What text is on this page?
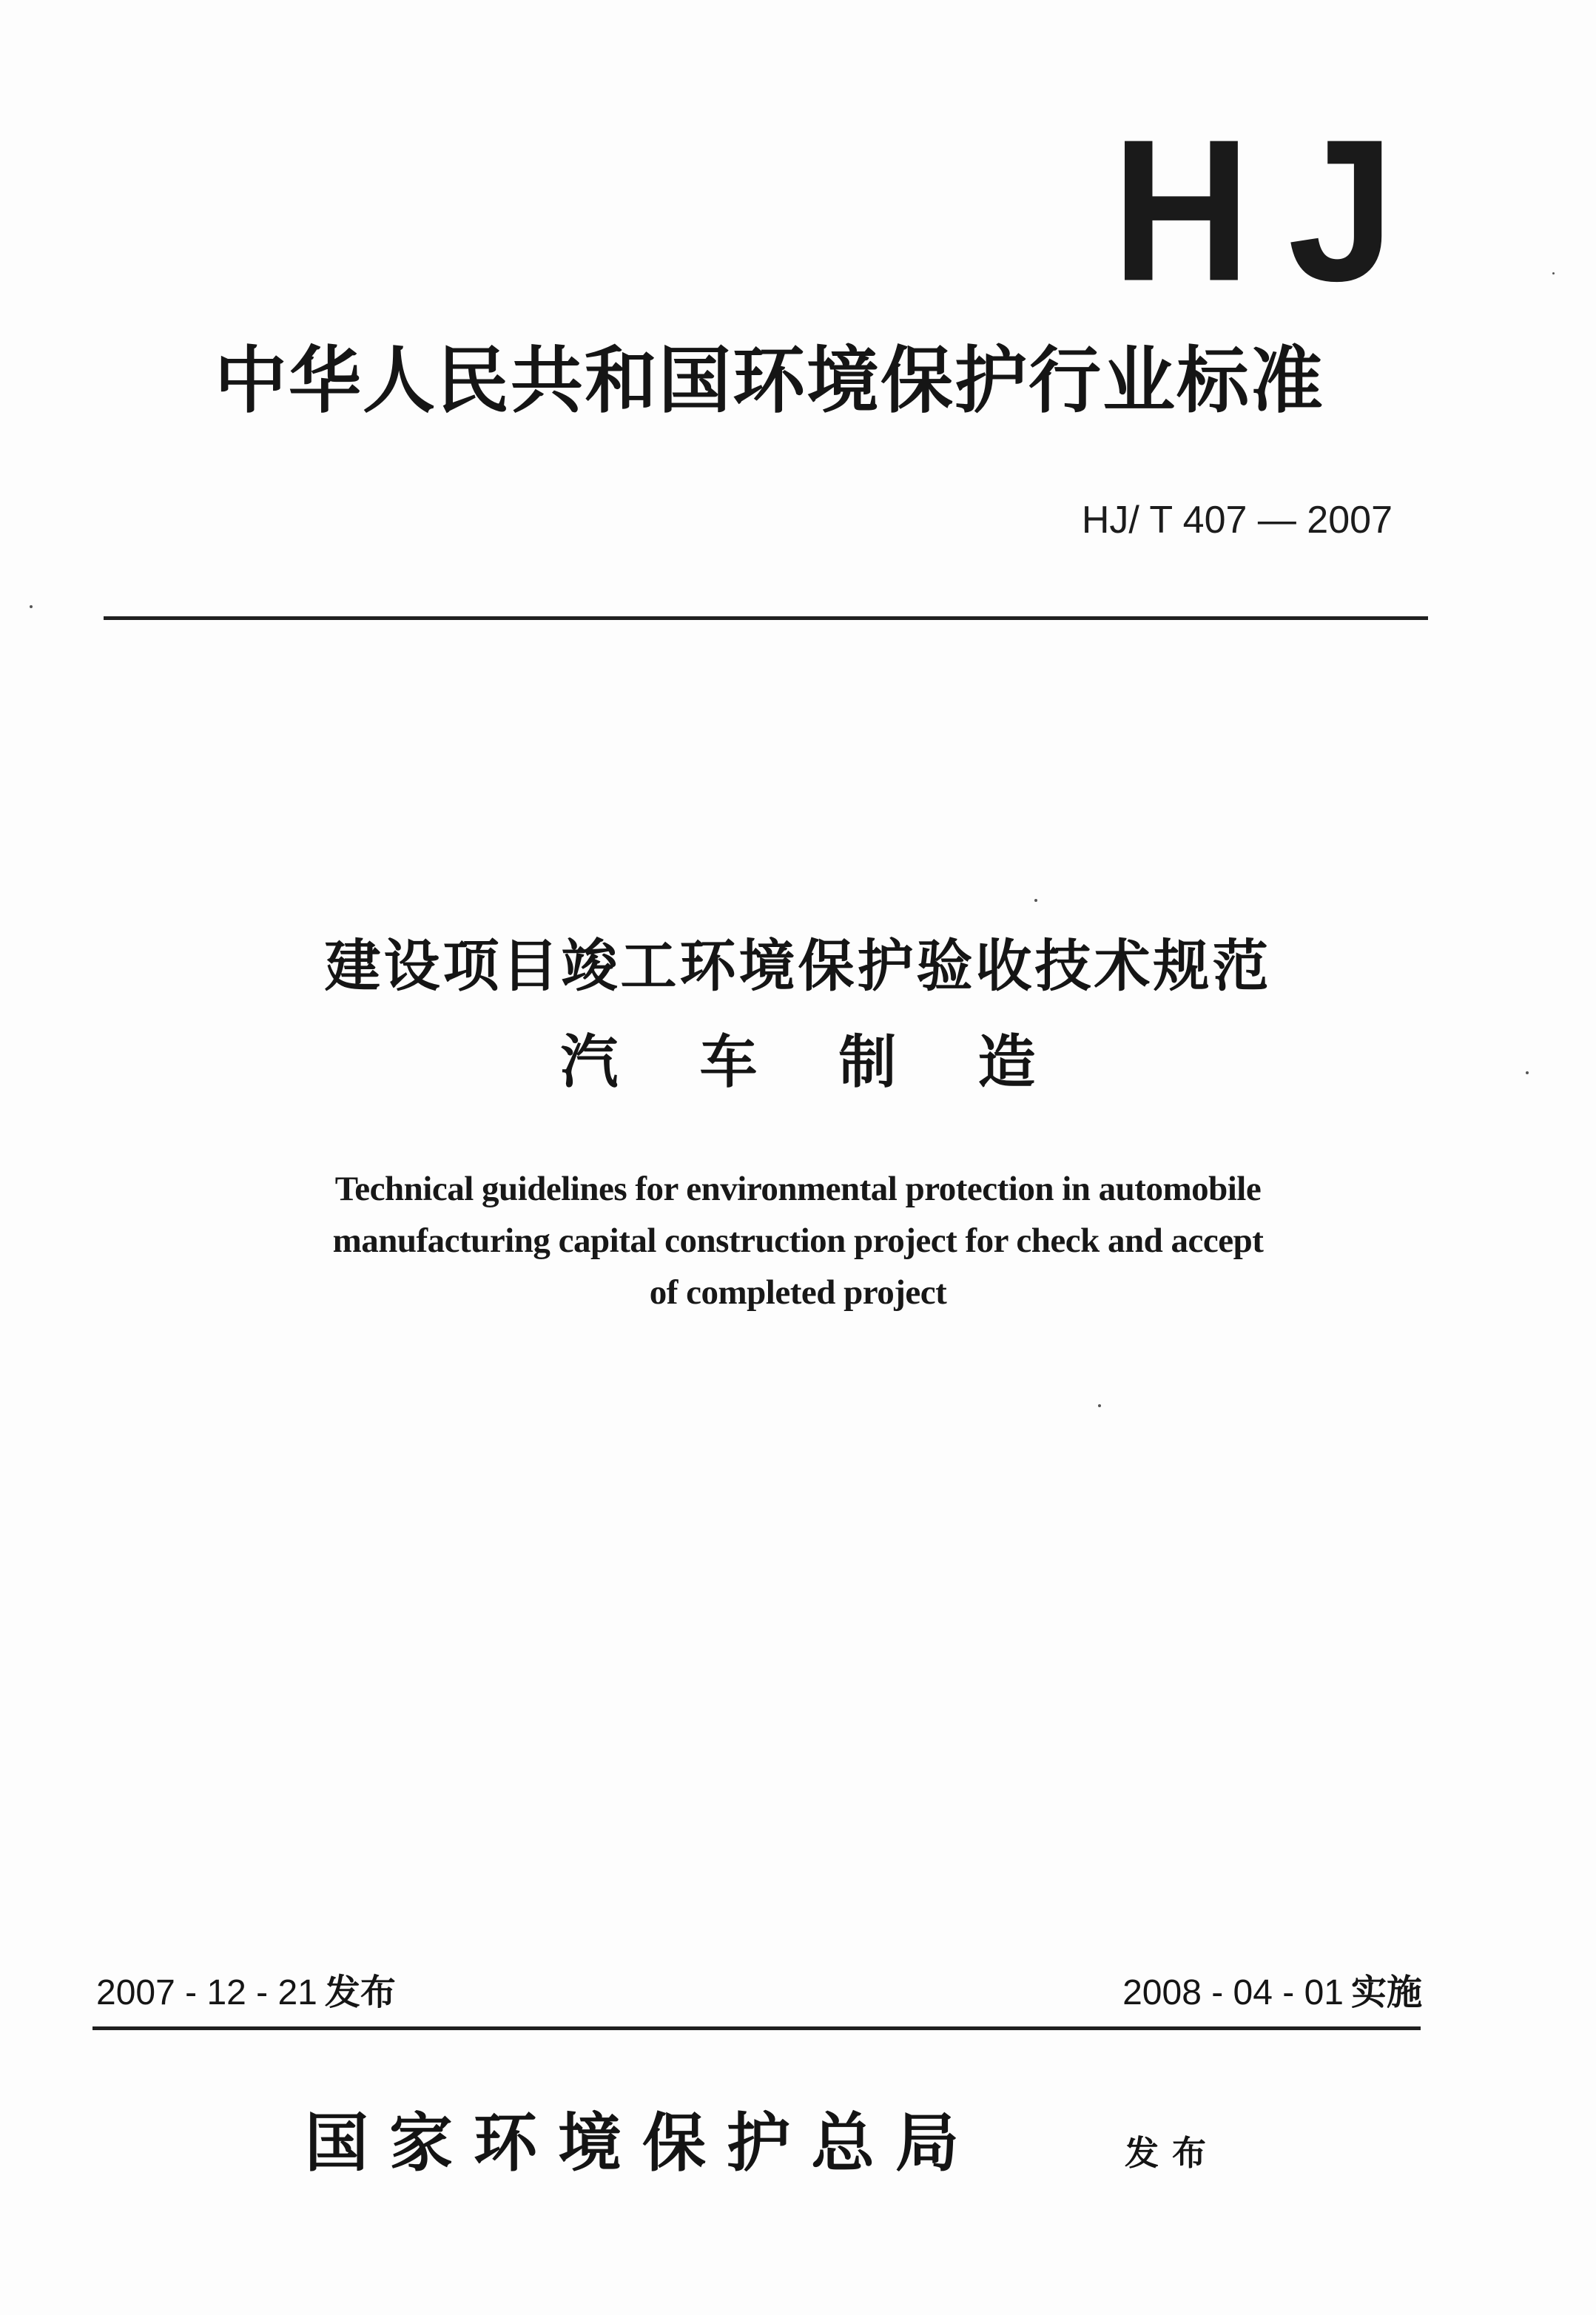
HJ
中华人民共和国环境保护行业标准
HJ/ T 407 — 2007
建设项目竣工环境保护验收技术规范
汽车制造
Technical guidelines for environmental protection in automobile
manufacturing capital construction project for check and accept
of completed project
2007 - 12 - 21 发布	2008 - 04 - 01 实施
国家环境保护总局	发布
